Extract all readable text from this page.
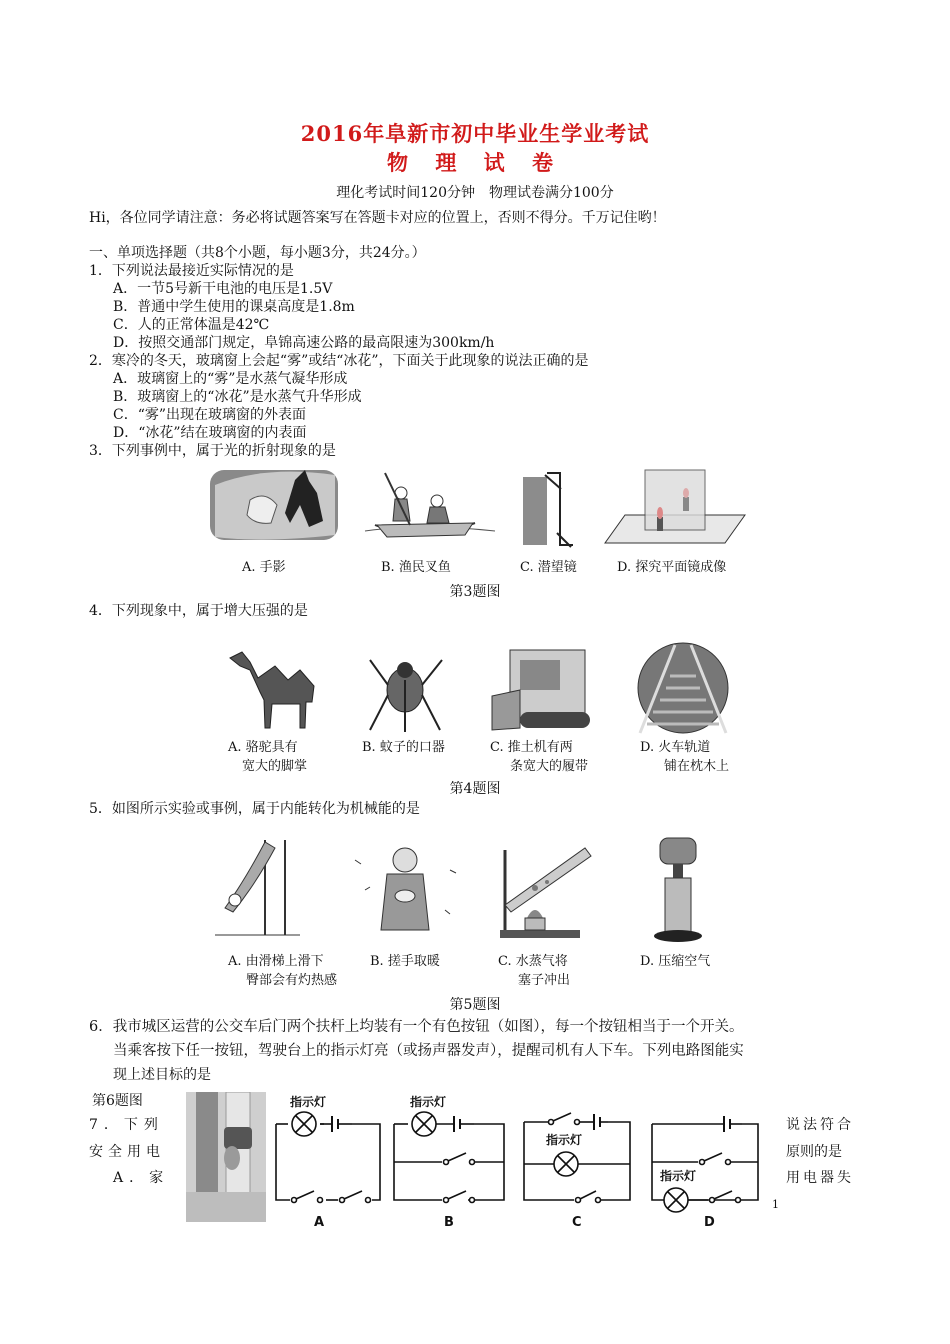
2016年阜新市初中毕业生学业考试
物 理 试 卷
理化考试时间120分钟　物理试卷满分100分
Hi，各位同学请注意：务必将试题答案写在答题卡对应的位置上，否则不得分。千万记住哟！
一、单项选择题（共8个小题，每小题3分，共24分。）
1．下列说法最接近实际情况的是
A．一节5号新干电池的电压是1.5V
B．普通中学生使用的课桌高度是1.8m
C．人的正常体温是42℃
D．按照交通部门规定，阜锦高速公路的最高限速为300km/h
2．寒冷的冬天，玻璃窗上会起“雾”或结“冰花”，下面关于此现象的说法正确的是
A．玻璃窗上的“雾”是水蒸气凝华形成
B．玻璃窗上的“冰花”是水蒸气升华形成
C．“雾”出现在玻璃窗的外表面
D．“冰花”结在玻璃窗的内表面
3．下列事例中，属于光的折射现象的是
A. 手影	B. 渔民叉鱼	C. 潜望镜	D. 探究平面镜成像
第3题图
4．下列现象中，属于增大压强的是
A. 骆驼具有
宽大的脚掌
B. 蚊子的口器	C. 推土机有两
条宽大的履带
D. 火车轨道
铺在枕木上
第4题图
5．如图所示实验或事例，属于内能转化为机械能的是
A. 由滑梯上滑下
臀部会有灼热感
B. 搓手取暖	C. 水蒸气将
塞子冲出
D. 压缩空气
第5题图
6．我市城区运营的公交车后门两个扶杆上均装有一个有色按钮（如图），每一个按钮相当于一个开关。
当乘客按下任一按钮，驾驶台上的指示灯亮（或扬声器发声），提醒司机有人下车。下列电路图能实
现上述目标的是
第6题图	指示灯	指示灯
指示灯
指示灯
A	B	C	D
7．下列
安全用电
A．家
说法符合
原则的是
用电器失
1
